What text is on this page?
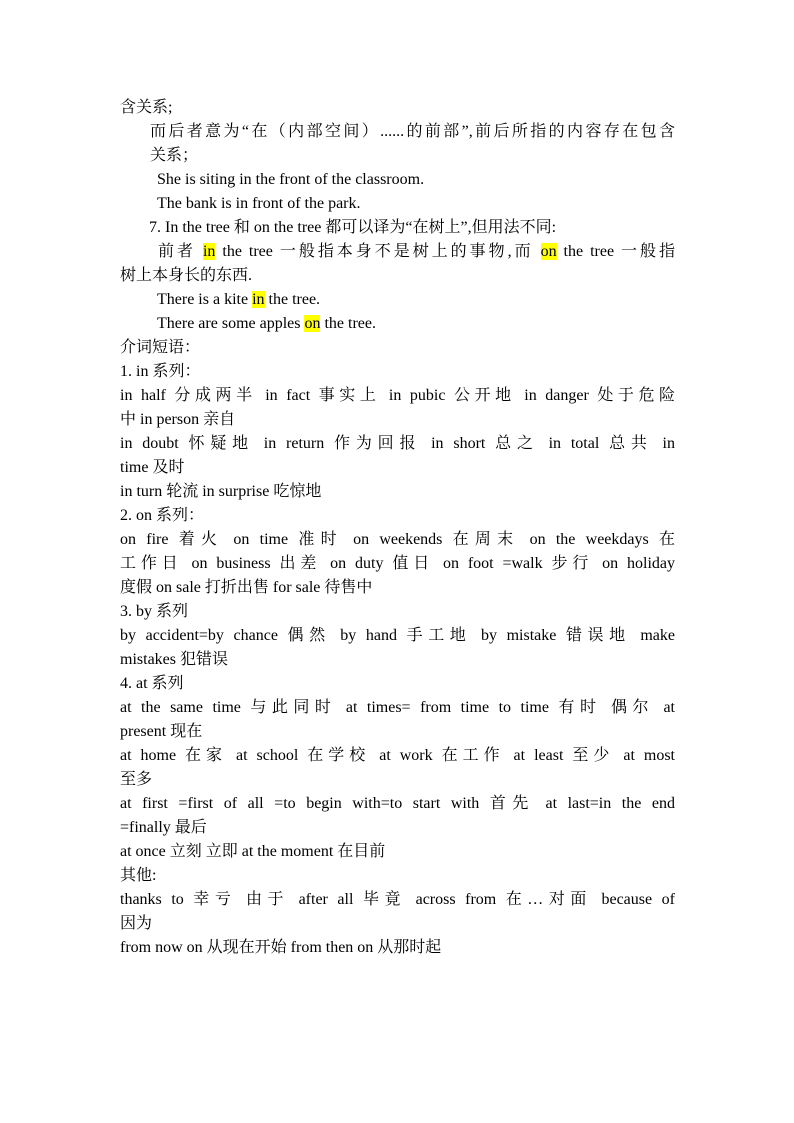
含关系;
而后者意为“在（内部空间）......的前部”,前后所指的内容存在包含
关系；
She is siting in the front of the classroom.
The bank is in front of the park.
7. In the tree 和 on the tree 都可以译为“在树上”,但用法不同:
前者 in the tree 一般指本身不是树上的事物,而 on the tree 一般指
树上本身长的东西.
There is a kite in the tree.
There are some apples on the tree.
介词短语：
1. in 系列：
in half 分成两半 in fact 事实上 in pubic 公开地 in danger 处于危险
中 in person 亲自
in doubt 怀疑地 in return 作为回报 in short 总之 in total 总共 in
time 及时
in turn 轮流 in surprise 吃惊地
2. on 系列：
on fire 着火 on time 准时 on weekends 在周末 on the weekdays 在
工作日 on business 出差 on duty 值日 on foot =walk 步行 on holiday
度假 on sale 打折出售 for sale 待售中
3. by 系列
by accident=by chance 偶然 by hand 手工地 by mistake 错误地 make
mistakes 犯错误
4. at 系列
at the same time 与此同时 at times= from time to time 有时 偶尔 at
present 现在
at home 在家 at school 在学校 at work 在工作 at least 至少 at most
至多
at first =first of all =to begin with=to start with 首先 at last=in the end
=finally 最后
at once 立刻 立即 at the moment 在目前
其他:
thanks to 幸亏 由于 after all 毕竟 across from 在…对面 because of
因为
from now on 从现在开始 from then on 从那时起
